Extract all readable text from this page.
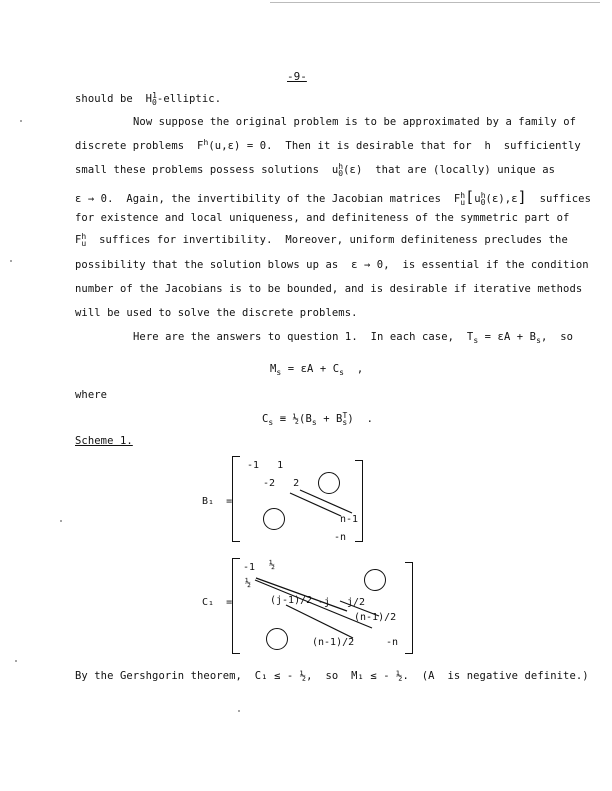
-9-
should be  $H^1_0$-elliptic.
Now suppose the original problem is to be approximated by a family of
discrete problems  $F^h(u,\varepsilon) = 0$.  Then it is desirable that for  h  sufficiently
small these problems possess solutions  $u^h_0(\varepsilon)$  that are (locally) unique as
ε → 0.  Again, the invertibility of the Jacobian matrices  $F^h_u[u^h_0(\varepsilon),\varepsilon]$ suffices
for existence and local uniqueness, and definiteness of the symmetric part of
$F^h_u$ suffices for invertibility.  Moreover, uniform definiteness precludes the
possibility that the solution blows up as  ε → 0,  is essential if the condition
number of the Jacobians is to be bounded, and is desirable if iterative methods
will be used to solve the discrete problems.
Here are the answers to question 1.  In each case,  $T_s = \varepsilon A + B_s$,  so
$M_s = \varepsilon A + C_s$  ,
where
$C_s$ ≡ $\frac{1}{2}(B_s + B^T_s)$  .
Scheme 1.
B₁  =
-1   1
-2   2
n-1
-n
C₁  =
-1 ½
½
(j-1)/2 -j j/2
(n-1)/2
(n-1)/2	-n
By the Gershgorin theorem,  C₁ ≤ - ½,  so  M₁ ≤ - ½.  (A  is negative definite.)
